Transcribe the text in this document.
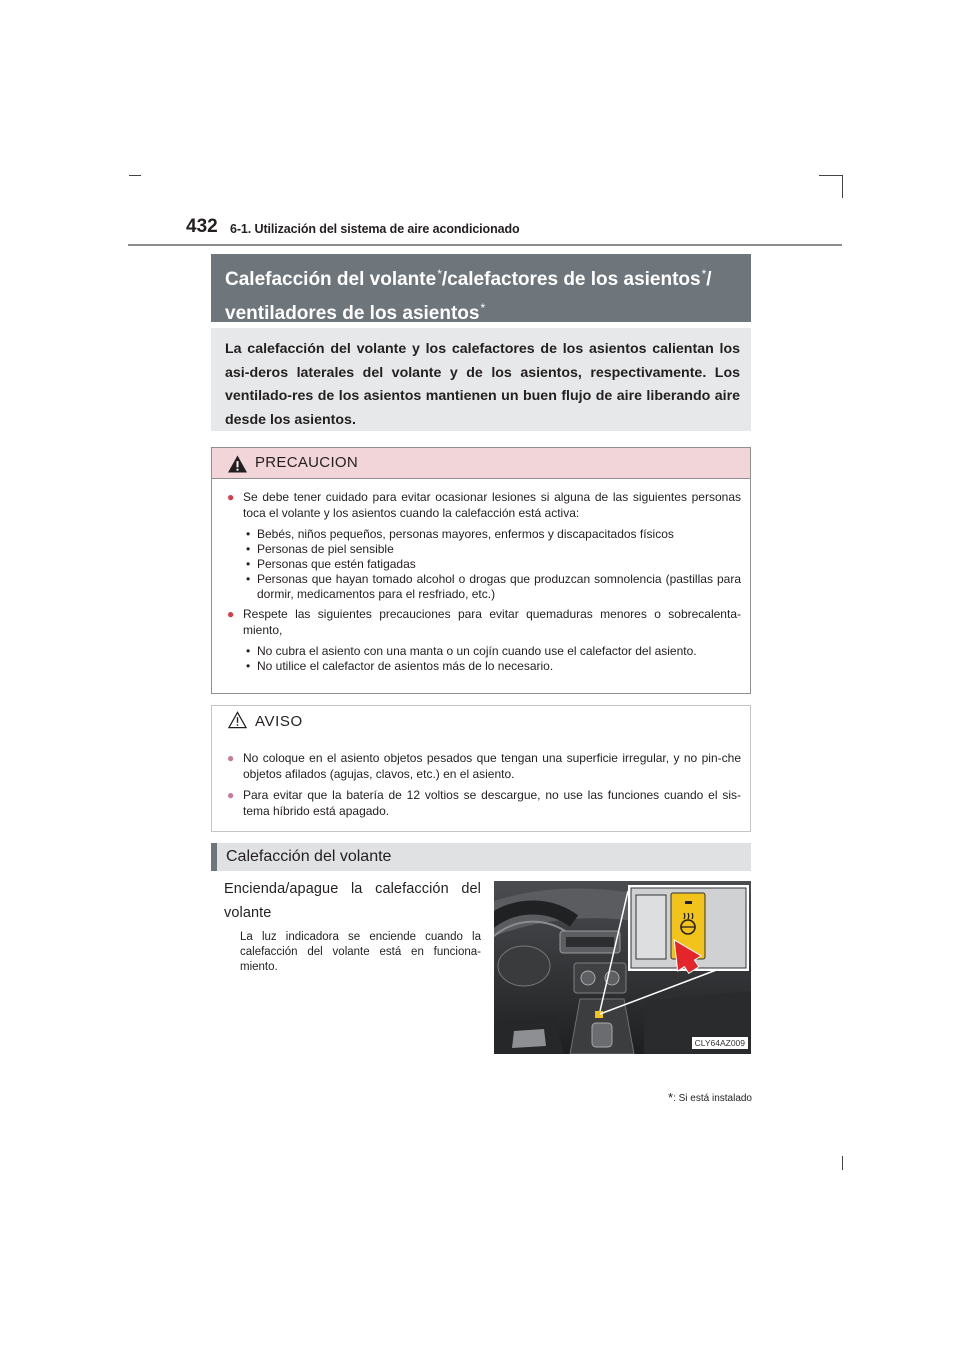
432 6-1. Utilización del sistema de aire acondicionado
Calefacción del volante*/calefactores de los asientos*/
ventiladores de los asientos*
La calefacción del volante y los calefactores de los asientos calientan los asi-deros laterales del volante y de los asientos, respectivamente. Los ventilado-res de los asientos mantienen un buen flujo de aire liberando aire desde los asientos.
PRECAUCION
● Se debe tener cuidado para evitar ocasionar lesiones si alguna de las siguientes personas toca el volante y los asientos cuando la calefacción está activa:
• Bebés, niños pequeños, personas mayores, enfermos y discapacitados físicos
• Personas de piel sensible
• Personas que estén fatigadas
• Personas que hayan tomado alcohol o drogas que produzcan somnolencia (pastillas para dormir, medicamentos para el resfriado, etc.)
● Respete las siguientes precauciones para evitar quemaduras menores o sobrecalenta-miento,
• No cubra el asiento con una manta o un cojín cuando use el calefactor del asiento.
• No utilice el calefactor de asientos más de lo necesario.
AVISO
● No coloque en el asiento objetos pesados que tengan una superficie irregular, y no pin-che objetos afilados (agujas, clavos, etc.) en el asiento.
● Para evitar que la batería de 12 voltios se descargue, no use las funciones cuando el sis-tema híbrido está apagado.
Calefacción del volante
Encienda/apague la calefacción del volante
La luz indicadora se enciende cuando la calefacción del volante está en funciona-miento.
CLY64AZ009
*: Si está instalado
